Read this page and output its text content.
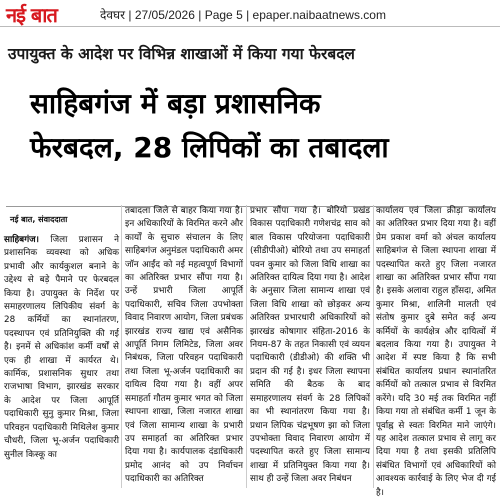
नई बात	देवघर | 27/05/2026 | Page 5 | epaper.naibaatnews.com
उपायुक्त के आदेश पर विभिन्न शाखाओं में किया गया फेरबदल
साहिबगंज में बड़ा प्रशासनिक
फेरबदल, 28 लिपिकों का तबादला
नई बात, संवाददाता
साहिबगंज। जिला प्रशासन ने प्रशासनिक व्यवस्था को अधिक प्रभावी और कार्यकुशल बनाने के उद्देश्य से बड़े पैमाने पर फेरबदल किया है। उपायुक्त के निर्देश पर समाहरणालय लिपिकीय संवर्ग के 28 कर्मियों का स्थानांतरण, पदस्थापन एवं प्रतिनियुक्ति की गई है। इनमें से अधिकांश कर्मी वर्षों से एक ही शाखा में कार्यरत थे। कार्मिक, प्रशासनिक सुधार तथा राजभाषा विभाग, झारखंड सरकार के आदेश पर जिला आपूर्ति पदाधिकारी सुनु कुमार मिश्रा, जिला परिवहन पदाधिकारी मिथिलेश कुमार चौधरी, जिला भू-अर्जन पदाधिकारी सुनील किस्कू का
तबादला जिले से बाहर किया गया है। इन अधिकारियों के विरमित करने और कार्यों के सुचारु संचालन के लिए साहिबगंज अनुमंडल पदाधिकारी अमर जॉन आईंद को नई महत्वपूर्ण विभागों का अतिरिक्त प्रभार सौंपा गया है। उन्हें प्रभारी जिला आपूर्ति पदाधिकारी, सचिव जिला उपभोक्ता विवाद निवारण आयोग, जिला प्रबंधक झारखंड राज्य खाद्य एवं असैनिक आपूर्ति निगम लिमिटेड, जिला अवर निबंधक, जिला परिवहन पदाधिकारी तथा जिला भू-अर्जन पदाधिकारी का दायित्व दिया गया है। वहीं अपर समाहर्ता गौतम कुमार भगत को जिला स्थापना शाखा, जिला नजारत शाखा एवं जिला सामान्य शाखा के प्रभारी उप समाहर्ता का अतिरिक्त प्रभार दिया गया है। कार्यपालक दंडाधिकारी प्रमोद आनंद को उप निर्वाचन पदाधिकारी का अतिरिक्त
प्रभार सौंपा गया है। बोरियो प्रखंड विकास पदाधिकारी गणेशचंद्र साव को बाल विकास परियोजना पदाधिकारी (सीडीपीओ) बोरियो तथा उप समाहर्ता पवन कुमार को जिला विधि शाखा का अतिरिक्त दायित्व दिया गया है। आदेश के अनुसार जिला सामान्य शाखा एवं जिला विधि शाखा को छोड़कर अन्य अतिरिक्त प्रभारधारी अधिकारियों को झारखंड कोषागार संहिता-2016 के नियम-87 के तहत निकासी एवं व्ययन पदाधिकारी (डीडीओ) की शक्ति भी प्रदान की गई है। इधर जिला स्थापना समिति की बैठक के बाद समाहरणालय संवर्ग के 28 लिपिकों का भी स्थानांतरण किया गया है। प्रधान लिपिक चंद्रभूषण झा को जिला उपभोक्ता विवाद निवारण आयोग में पदस्थापित करते हुए जिला सामान्य शाखा में प्रतिनियुक्त किया गया है। साथ ही उन्हें जिला अवर निबंधन
कार्यालय एवं जिला क्रीड़ा कार्यालय का अतिरिक्त प्रभार दिया गया है। वहीं प्रेम प्रकाश वर्मा को अंचल कार्यालय साहिबगंज से जिला स्थापना शाखा में पदस्थापित करते हुए जिला नजारत शाखा का अतिरिक्त प्रभार सौंपा गया है। इसके अलावा राहुल हाँसदा, अमित कुमार मिश्रा, शालिनी मालती एवं संतोष कुमार दुबे समेत कई अन्य कर्मियों के कार्यक्षेत्र और दायित्वों में बदलाव किया गया है। उपायुक्त ने आदेश में स्पष्ट किया है कि सभी संबंधित कार्यालय प्रधान स्थानांतरित कर्मियों को तत्काल प्रभाव से विरमित करेंगे। यदि 30 मई तक विरमित नहीं किया गया तो संबंधित कर्मी 1 जून के पूर्वाह्न से स्वतः विरमित माने जाएंगे। यह आदेश तत्काल प्रभाव से लागू कर दिया गया है तथा इसकी प्रतिलिपि संबंधित विभागों एवं अधिकारियों को आवश्यक कार्रवाई के लिए भेज दी गई है।
